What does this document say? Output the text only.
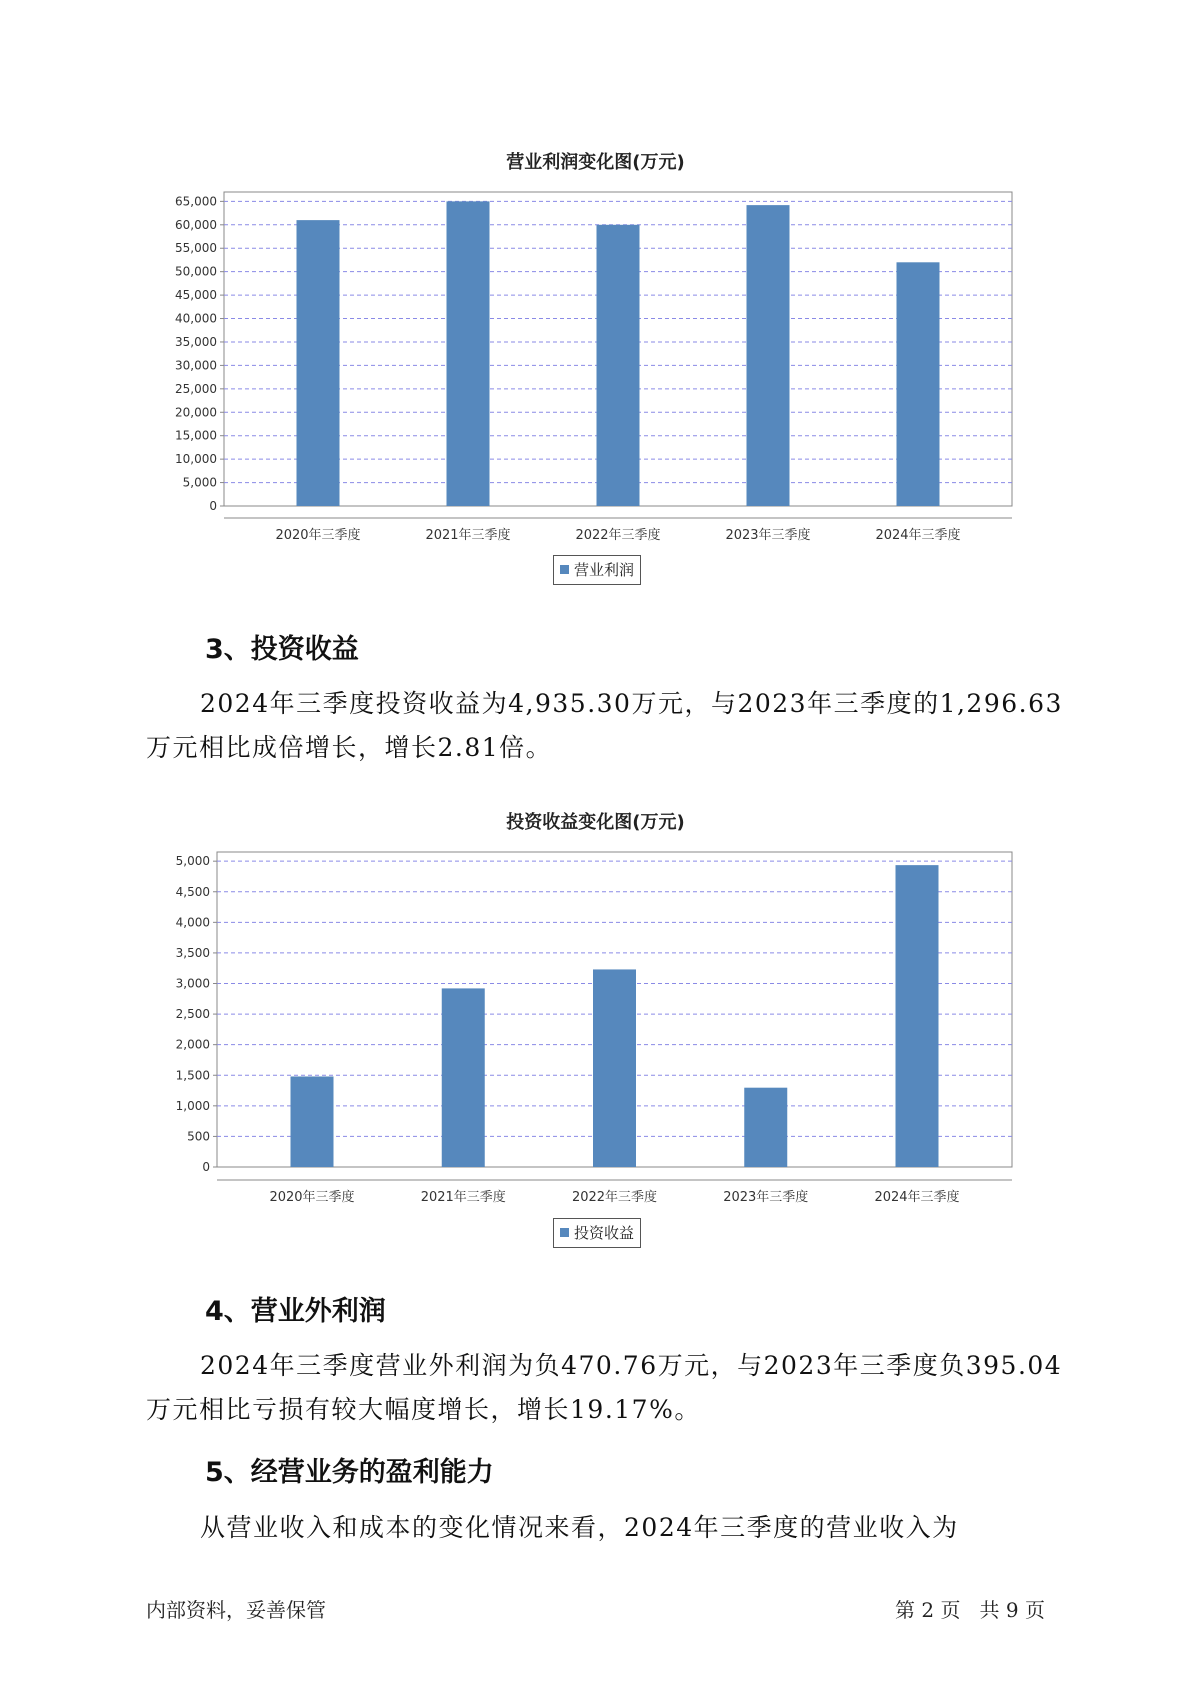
营业利润变化图(万元)
0
5,000
10,000
15,000
20,000
25,000
30,000
35,000
40,000
45,000
50,000
55,000
60,000
65,000
2020年三季度	2021年三季度	2022年三季度	2023年三季度	2024年三季度
营业利润
3、投资收益
2024年三季度投资收益为4,935.30万元，与2023年三季度的1,296.63
万元相比成倍增长，增长2.81倍。
投资收益变化图(万元)
0
500
1,000
1,500
2,000
2,500
3,000
3,500
4,000
4,500
5,000
2020年三季度	2021年三季度	2022年三季度	2023年三季度	2024年三季度
投资收益
4、营业外利润
2024年三季度营业外利润为负470.76万元，与2023年三季度负395.04
万元相比亏损有较大幅度增长，增长19.17%。
5、经营业务的盈利能力
从营业收入和成本的变化情况来看，2024年三季度的营业收入为
内部资料，妥善保管	第 2 页   共 9 页
